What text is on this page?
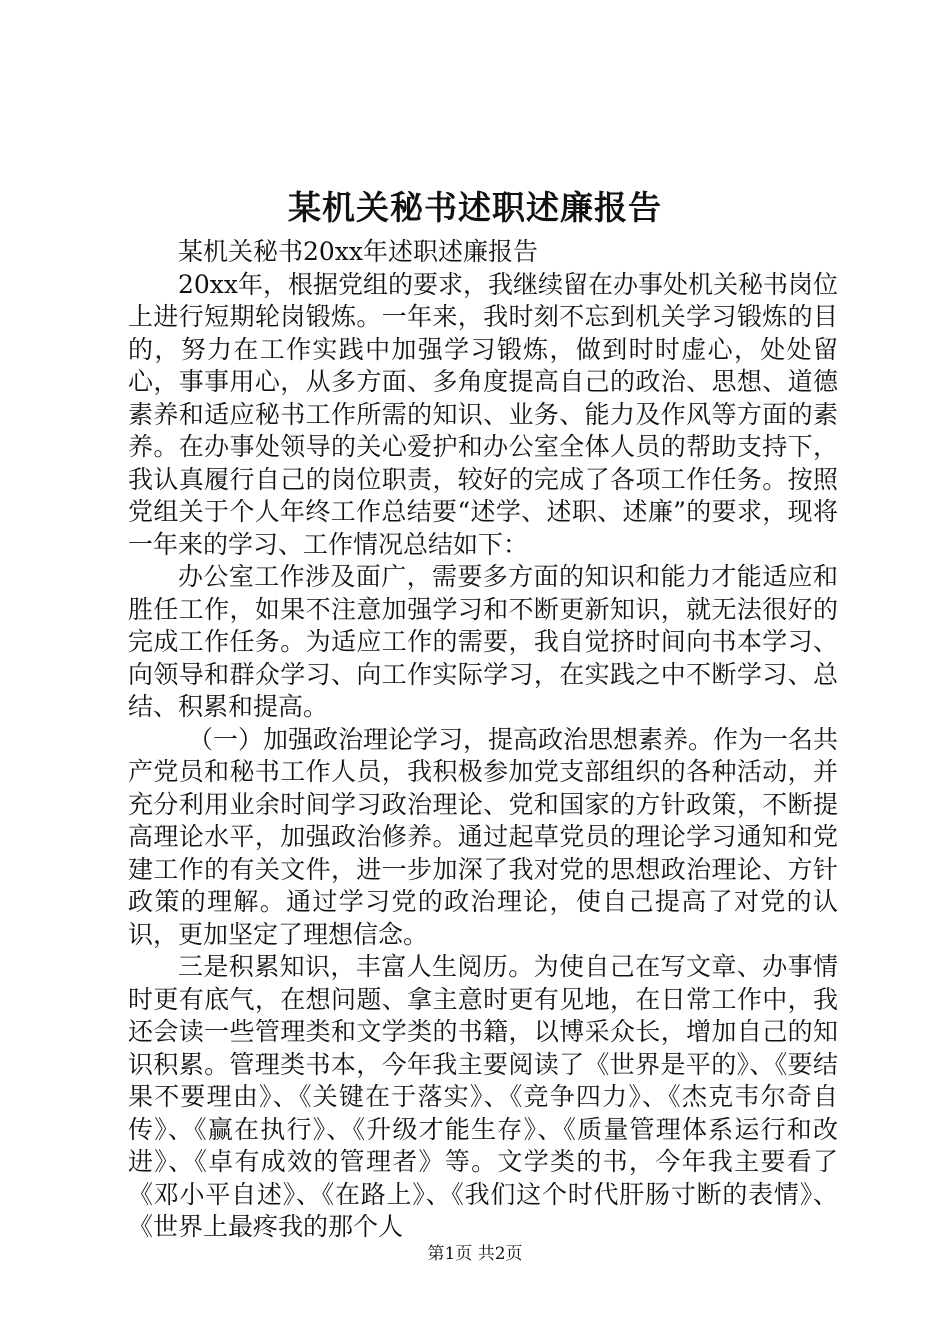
某机关秘书述职述廉报告

某机关秘书20xx年述职述廉报告

20xx年，根据党组的要求，我继续留在办事处机关秘书岗位上进行短期轮岗锻炼。一年来，我时刻不忘到机关学习锻炼的目的，努力在工作实践中加强学习锻炼，做到时时虚心，处处留心，事事用心，从多方面、多角度提高自己的政治、思想、道德素养和适应秘书工作所需的知识、业务、能力及作风等方面的素养。在办事处领导的关心爱护和办公室全体人员的帮助支持下，我认真履行自己的岗位职责，较好的完成了各项工作任务。按照党组关于个人年终工作总结要“述学、述职、述廉”的要求，现将一年来的学习、工作情况总结如下：

办公室工作涉及面广，需要多方面的知识和能力才能适应和胜任工作，如果不注意加强学习和不断更新知识，就无法很好的完成工作任务。为适应工作的需要，我自觉挤时间向书本学习、向领导和群众学习、向工作实际学习，在实践之中不断学习、总结、积累和提高。

（一）加强政治理论学习，提高政治思想素养。作为一名共产党员和秘书工作人员，我积极参加党支部组织的各种活动，并充分利用业余时间学习政治理论、党和国家的方针政策，不断提高理论水平，加强政治修养。通过起草党员的理论学习通知和党建工作的有关文件，进一步加深了我对党的思想政治理论、方针政策的理解。通过学习党的政治理论，使自己提高了对党的认识，更加坚定了理想信念。

三是积累知识，丰富人生阅历。为使自己在写文章、办事情时更有底气，在想问题、拿主意时更有见地，在日常工作中，我还会读一些管理类和文学类的书籍，以博采众长，增加自己的知识积累。管理类书本，今年我主要阅读了《世界是平的》、《要结果不要理由》、《关键在于落实》、《竞争四力》、《杰克韦尔奇自传》、《赢在执行》、《升级才能生存》、《质量管理体系运行和改进》、《卓有成效的管理者》等。文学类的书，今年我主要看了《邓小平自述》、《在路上》、《我们这个时代肝肠寸断的表情》、《世界上最疼我的那个人

第1页 共2页
